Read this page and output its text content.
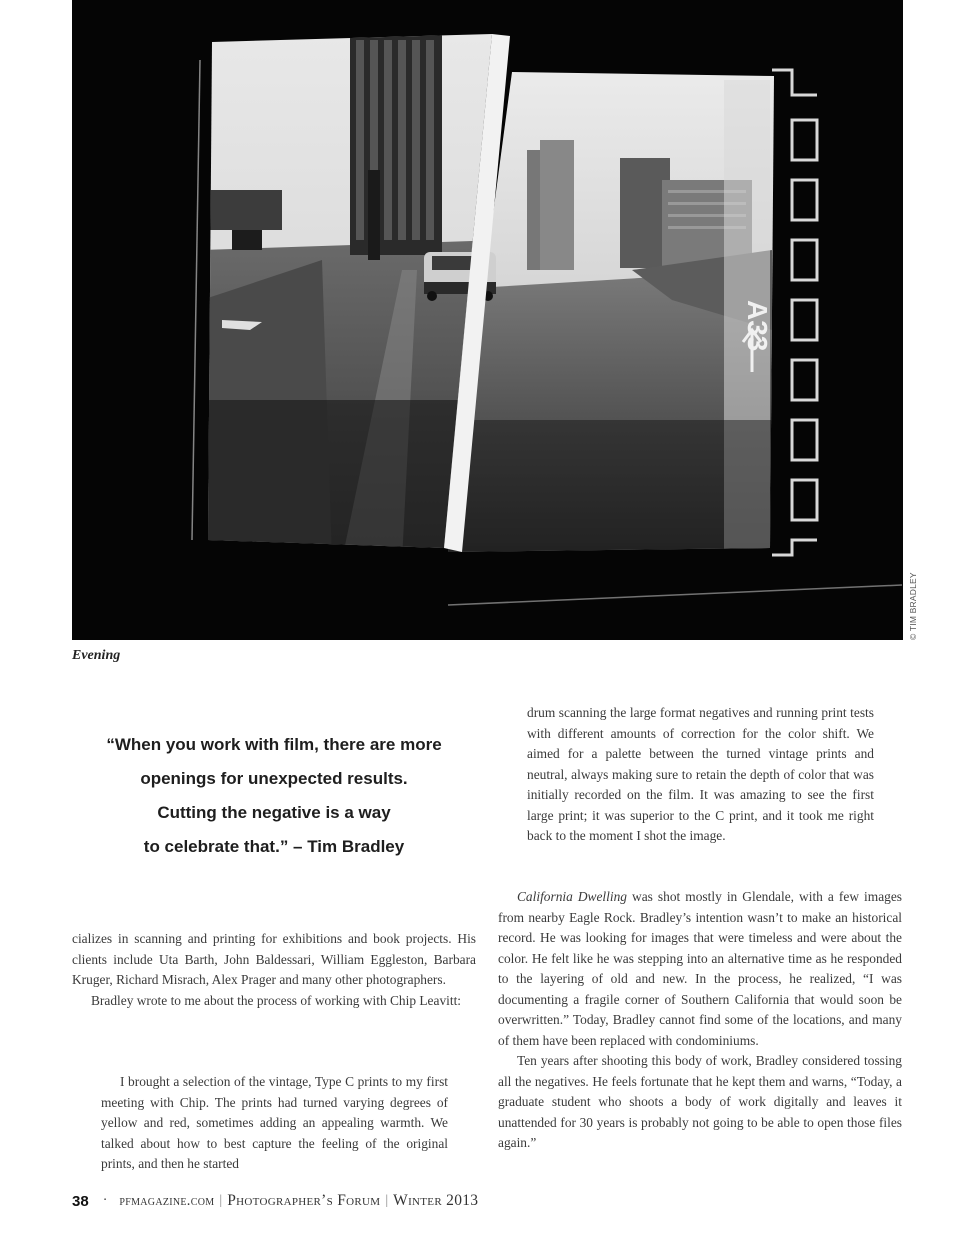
A33
© TIM BRADLEY
Evening
“When you work with film, there are more
openings for unexpected results.
Cutting the negative is a way
to celebrate that.” – Tim Bradley

cializes in scanning and printing for exhibitions and book projects. His clients include Uta Barth, John Baldessari, William Eggleston, Barbara Kruger, Richard Misrach, Alex Prager and many other photographers.

Bradley wrote to me about the process of working with Chip Leavitt:

I brought a selection of the vintage, Type C prints to my first meeting with Chip. The prints had turned varying degrees of yellow and red, sometimes adding an appealing warmth. We talked about how to best capture the feeling of the original prints, and then he started

drum scanning the large format negatives and running print tests with different amounts of correction for the color shift. We aimed for a palette between the turned vintage prints and neutral, always making sure to retain the depth of color that was initially recorded on the film. It was amazing to see the first large print; it was superior to the C print, and it took me right back to the moment I shot the image.

California Dwelling was shot mostly in Glendale, with a few images from nearby Eagle Rock. Bradley’s intention wasn’t to make an historical record. He was looking for images that were timeless and were about the color. He felt like he was stepping into an alternative time as he responded to the layering of old and new. In the process, he realized, “I was documenting a fragile corner of Southern California that would soon be overwritten.” Today, Bradley cannot find some of the locations, and many of them have been replaced with condominiums.

Ten years after shooting this body of work, Bradley considered tossing all the negatives. He feels fortunate that he kept them and warns, “Today, a graduate student who shoots a body of work digitally and leaves it unattended for 30 years is probably not going to be able to open those files again.”

38 · pfmagazine.com | Photographer’s Forum | Winter 2013
